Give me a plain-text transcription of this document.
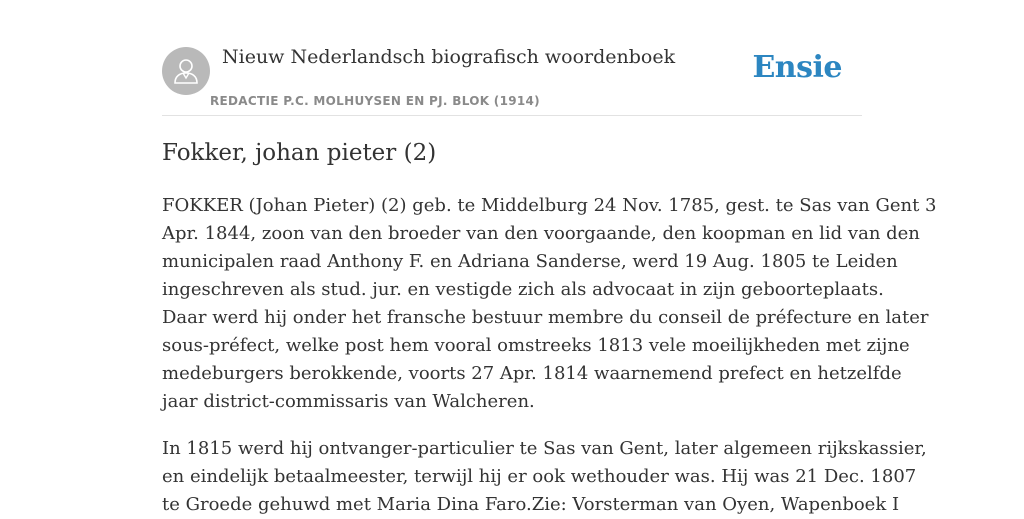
Nieuw Nederlandsch biografisch woordenboek
REDACTIE P.C. MOLHUYSEN EN PJ. BLOK (1914)
Ensie
Fokker, johan pieter (2)

FOKKER (Johan Pieter) (2) geb. te Middelburg 24 Nov. 1785, gest. te Sas van Gent 3
Apr. 1844, zoon van den broeder van den voorgaande, den koopman en lid van den
municipalen raad Anthony F. en Adriana Sanderse, werd 19 Aug. 1805 te Leiden
ingeschreven als stud. jur. en vestigde zich als advocaat in zijn geboorteplaats.
Daar werd hij onder het fransche bestuur membre du conseil de préfecture en later
sous-préfect, welke post hem vooral omstreeks 1813 vele moeilijkheden met zijne
medeburgers berokkende, voorts 27 Apr. 1814 waarnemend prefect en hetzelfde
jaar district-commissaris van Walcheren.

In 1815 werd hij ontvanger-particulier te Sas van Gent, later algemeen rijkskassier,
en eindelijk betaalmeester, terwijl hij er ook wethouder was. Hij was 21 Dec. 1807
te Groede gehuwd met Maria Dina Faro.Zie: Vorsterman van Oyen, Wapenboek I
